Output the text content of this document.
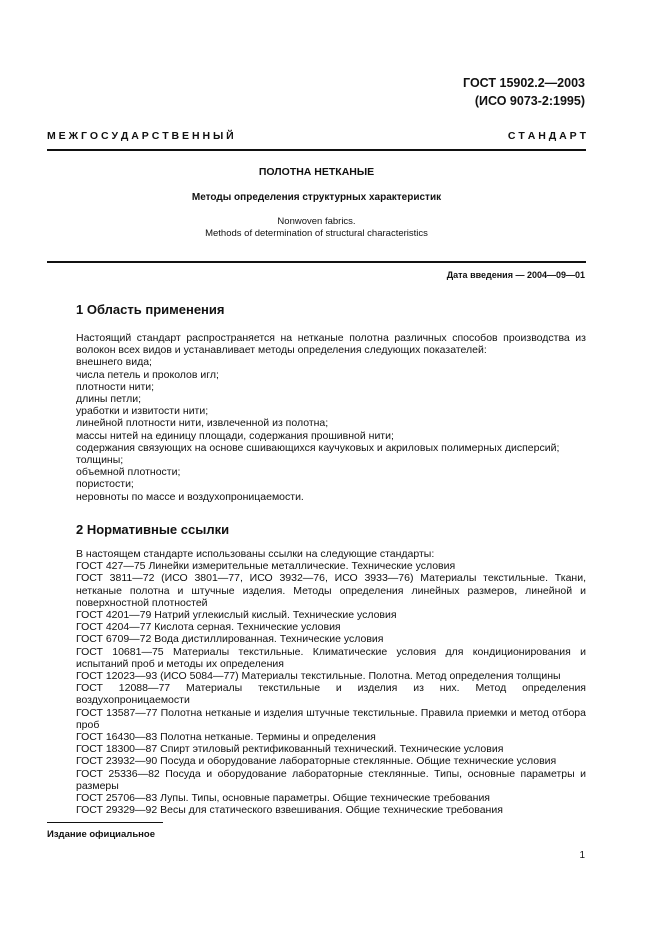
ГОСТ 15902.2—2003
(ИСО 9073-2:1995)
М Е Ж Г О С У Д А Р С Т В Е Н Н Ы Й	С Т А Н Д А Р Т
ПОЛОТНА НЕТКАНЫЕ
Методы определения структурных характеристик
Nonwoven fabrics.
Methods of determination of structural characteristics
Дата введения — 2004—09—01
1 Область применения

Настоящий стандарт распространяется на нетканые полотна различных способов производства из волокон всех видов и устанавливает методы определения следующих показателей:

внешнего вида;

числа петель и проколов игл;

плотности нити;

длины петли;

уработки и извитости нити;

линейной плотности нити, извлеченной из полотна;

массы нитей на единицу площади, содержания прошивной нити;

содержания связующих на основе сшивающихся каучуковых и акриловых полимерных дисперсий;

толщины;

объемной плотности;

пористости;

неровноты по массе и воздухопроницаемости.

2 Нормативные ссылки

В настоящем стандарте использованы ссылки на следующие стандарты:

ГОСТ 427—75 Линейки измерительные металлические. Технические условия

ГОСТ 3811—72 (ИСО 3801—77, ИСО 3932—76, ИСО 3933—76) Материалы текстильные. Ткани, нетканые полотна и штучные изделия. Методы определения линейных размеров, линейной и поверхностной плотностей

ГОСТ 4201—79 Натрий углекислый кислый. Технические условия

ГОСТ 4204—77 Кислота серная. Технические условия

ГОСТ 6709—72 Вода дистиллированная. Технические условия

ГОСТ 10681—75 Материалы текстильные. Климатические условия для кондиционирования и испытаний проб и методы их определения

ГОСТ 12023—93 (ИСО 5084—77) Материалы текстильные. Полотна. Метод определения толщины

ГОСТ 12088—77 Материалы текстильные и изделия из них. Метод определения воздухопроницаемости

ГОСТ 13587—77 Полотна нетканые и изделия штучные текстильные. Правила приемки и метод отбора проб

ГОСТ 16430—83 Полотна нетканые. Термины и определения

ГОСТ 18300—87 Спирт этиловый ректификованный технический. Технические условия

ГОСТ 23932—90 Посуда и оборудование лабораторные стеклянные. Общие технические условия

ГОСТ 25336—82 Посуда и оборудование лабораторные стеклянные. Типы, основные параметры и размеры

ГОСТ 25706—83 Лупы. Типы, основные параметры. Общие технические требования

ГОСТ 29329—92 Весы для статического взвешивания. Общие технические требования

Издание официальное
1
